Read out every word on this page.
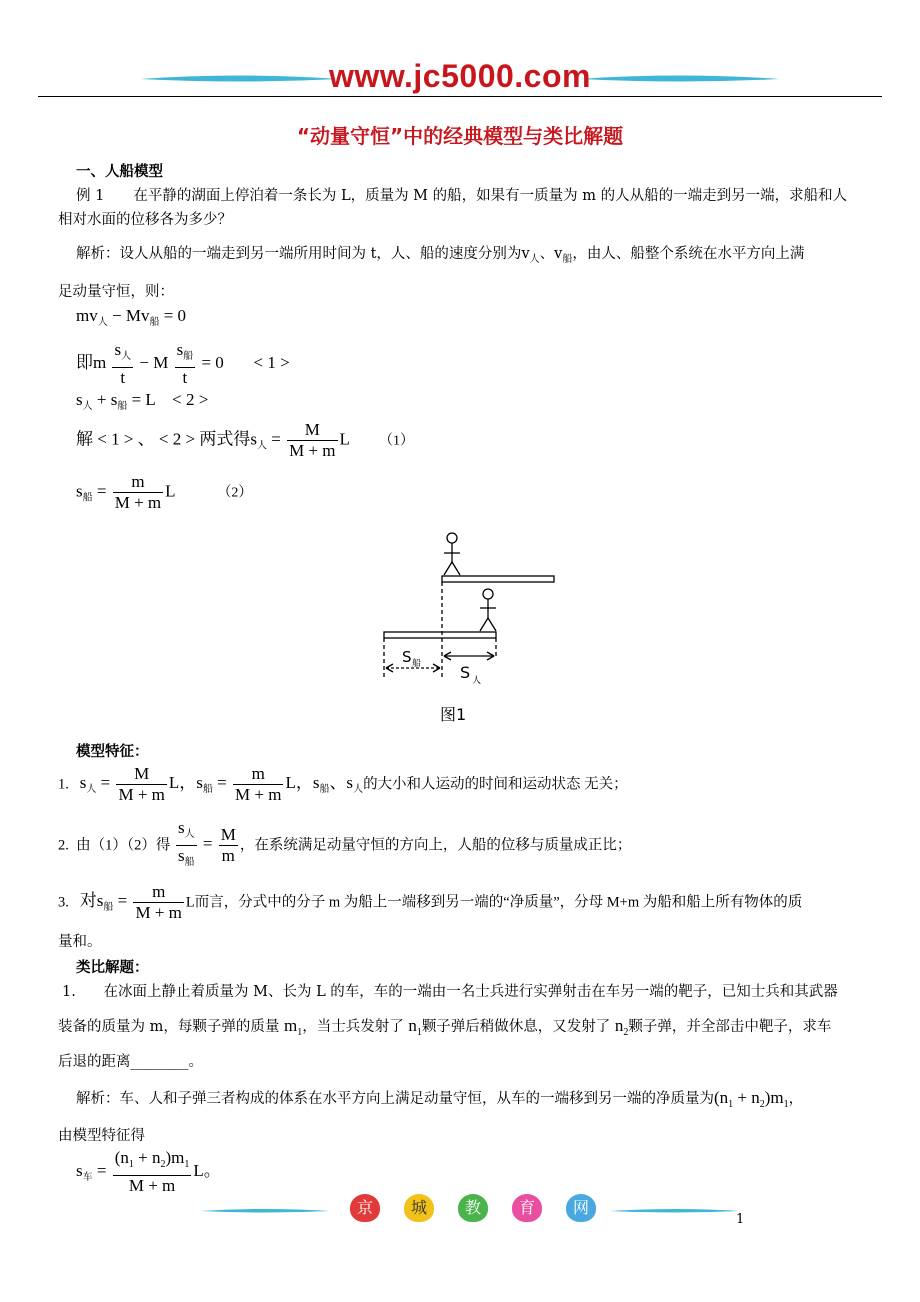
www.jc5000.com
“动量守恒”中的经典模型与类比解题
一、人船模型
例 1　　在平静的湖面上停泊着一条长为 L，质量为 M 的船，如果有一质量为 m 的人从船的一端走到另一端，求船和人
相对水面的位移各为多少？
解析：设人从船的一端走到另一端所用时间为 t，人、船的速度分别为$v_人$、$v_船$，由人、船整个系统在水平方向上满
足动量守恒，则：
$mv_人 - Mv_船 = 0$
即m $\frac{s_人}{t} - M \frac{s_船}{t} = 0$       < 1 >
$s_人 + s_船 = L$    < 2 >
解 < 1 > 、 < 2 > 两式得$s_人 = \frac{M}{M + m}$ L       （1）
$s_船 = \frac{m}{M + m}$ L          （2）
S 船 S 人
图1
模型特征：
1. $s_人 = \frac{M}{M + m}$ L，$s_船 = \frac{m}{M + m}$ L，$s_船$、$s_人$的大小和人运动的时间和运动状态 无关；
2. 由（1）（2）得 $\frac{s_人}{s_船} = \frac{M}{m}$ ，在系统满足动量守恒的方向上，人船的位移与质量成正比；
3. 对$s_船 = \frac{m}{M + m}$ L而言，分式中的分子 m 为船上一端移到另一端的“净质量”，分母 M+m 为船和船上所有物体的质
量和。
类比解题：
1. 在冰面上静止着质量为 M、长为 L 的车，车的一端由一名士兵进行实弹射击在车另一端的靶子，已知士兵和其武器
装备的质量为 m，每颗子弹的质量 $m_1$，当士兵发射了 $n_1$颗子弹后稍做休息，又发射了 $n_2$颗子弹，并全部击中靶子，求车
后退的距离________。
解析：车、人和子弹三者构成的体系在水平方向上满足动量守恒，从车的一端移到另一端的净质量为$(n_1 + n_2)m_1$，
由模型特征得
$s_车 = \frac{(n_1 + n_2)m_1}{M + m}$ L。
京	城	教	育	网
1
